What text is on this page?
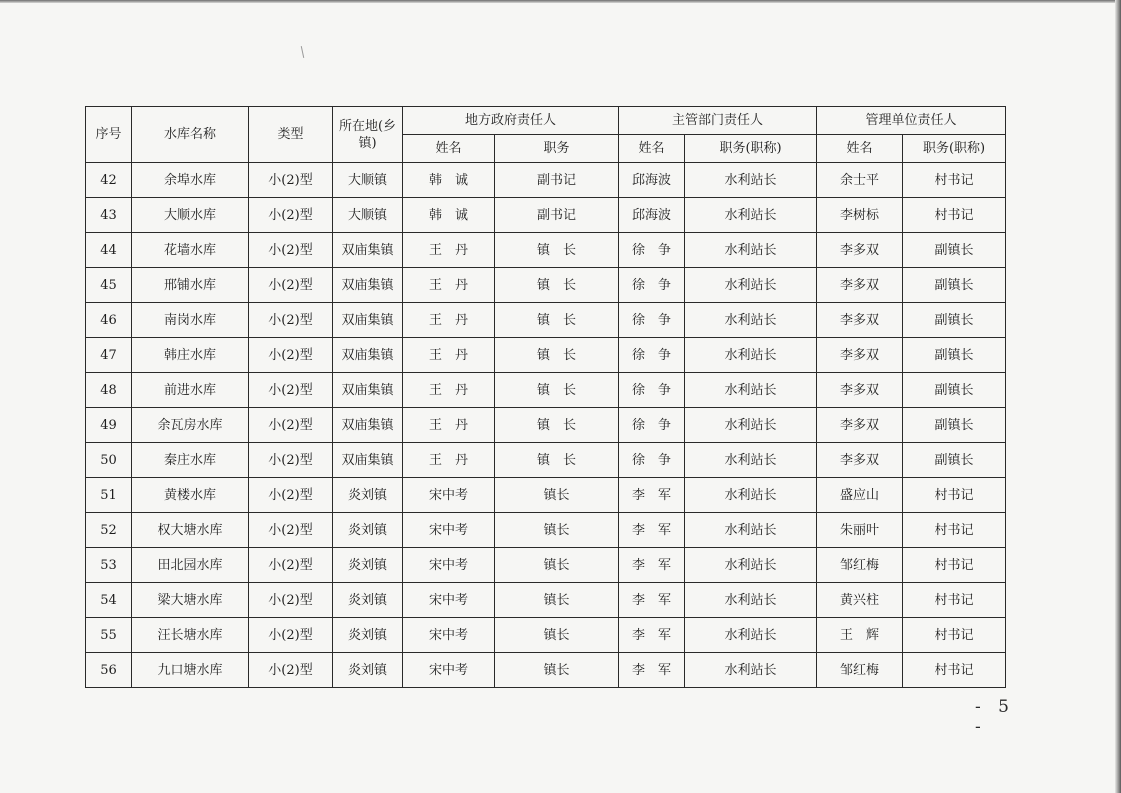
序号	水库名称	类型	所在地(乡镇)	地方政府责任人		主管部门责任人		管理单位责任人	
				姓名	职务	姓名	职务(职称)	姓名	职务(职称)
42	余埠水库	小(2)型	大顺镇	韩　诚	副书记	邱海波	水利站长	余士平	村书记
43	大顺水库	小(2)型	大顺镇	韩　诚	副书记	邱海波	水利站长	李树标	村书记
44	花墙水库	小(2)型	双庙集镇	王　丹	镇　长	徐　争	水利站长	李多双	副镇长
45	邢铺水库	小(2)型	双庙集镇	王　丹	镇　长	徐　争	水利站长	李多双	副镇长
46	南岗水库	小(2)型	双庙集镇	王　丹	镇　长	徐　争	水利站长	李多双	副镇长
47	韩庄水库	小(2)型	双庙集镇	王　丹	镇　长	徐　争	水利站长	李多双	副镇长
48	前进水库	小(2)型	双庙集镇	王　丹	镇　长	徐　争	水利站长	李多双	副镇长
49	余瓦房水库	小(2)型	双庙集镇	王　丹	镇　长	徐　争	水利站长	李多双	副镇长
50	秦庄水库	小(2)型	双庙集镇	王　丹	镇　长	徐　争	水利站长	李多双	副镇长
51	黄楼水库	小(2)型	炎刘镇	宋中考	镇长	李　军	水利站长	盛应山	村书记
52	权大塘水库	小(2)型	炎刘镇	宋中考	镇长	李　军	水利站长	朱丽叶	村书记
53	田北园水库	小(2)型	炎刘镇	宋中考	镇长	李　军	水利站长	邹红梅	村书记
54	梁大塘水库	小(2)型	炎刘镇	宋中考	镇长	李　军	水利站长	黄兴柱	村书记
55	汪长塘水库	小(2)型	炎刘镇	宋中考	镇长	李　军	水利站长	王　辉	村书记
56	九口塘水库	小(2)型	炎刘镇	宋中考	镇长	李　军	水利站长	邹红梅	村书记
- 5 -
